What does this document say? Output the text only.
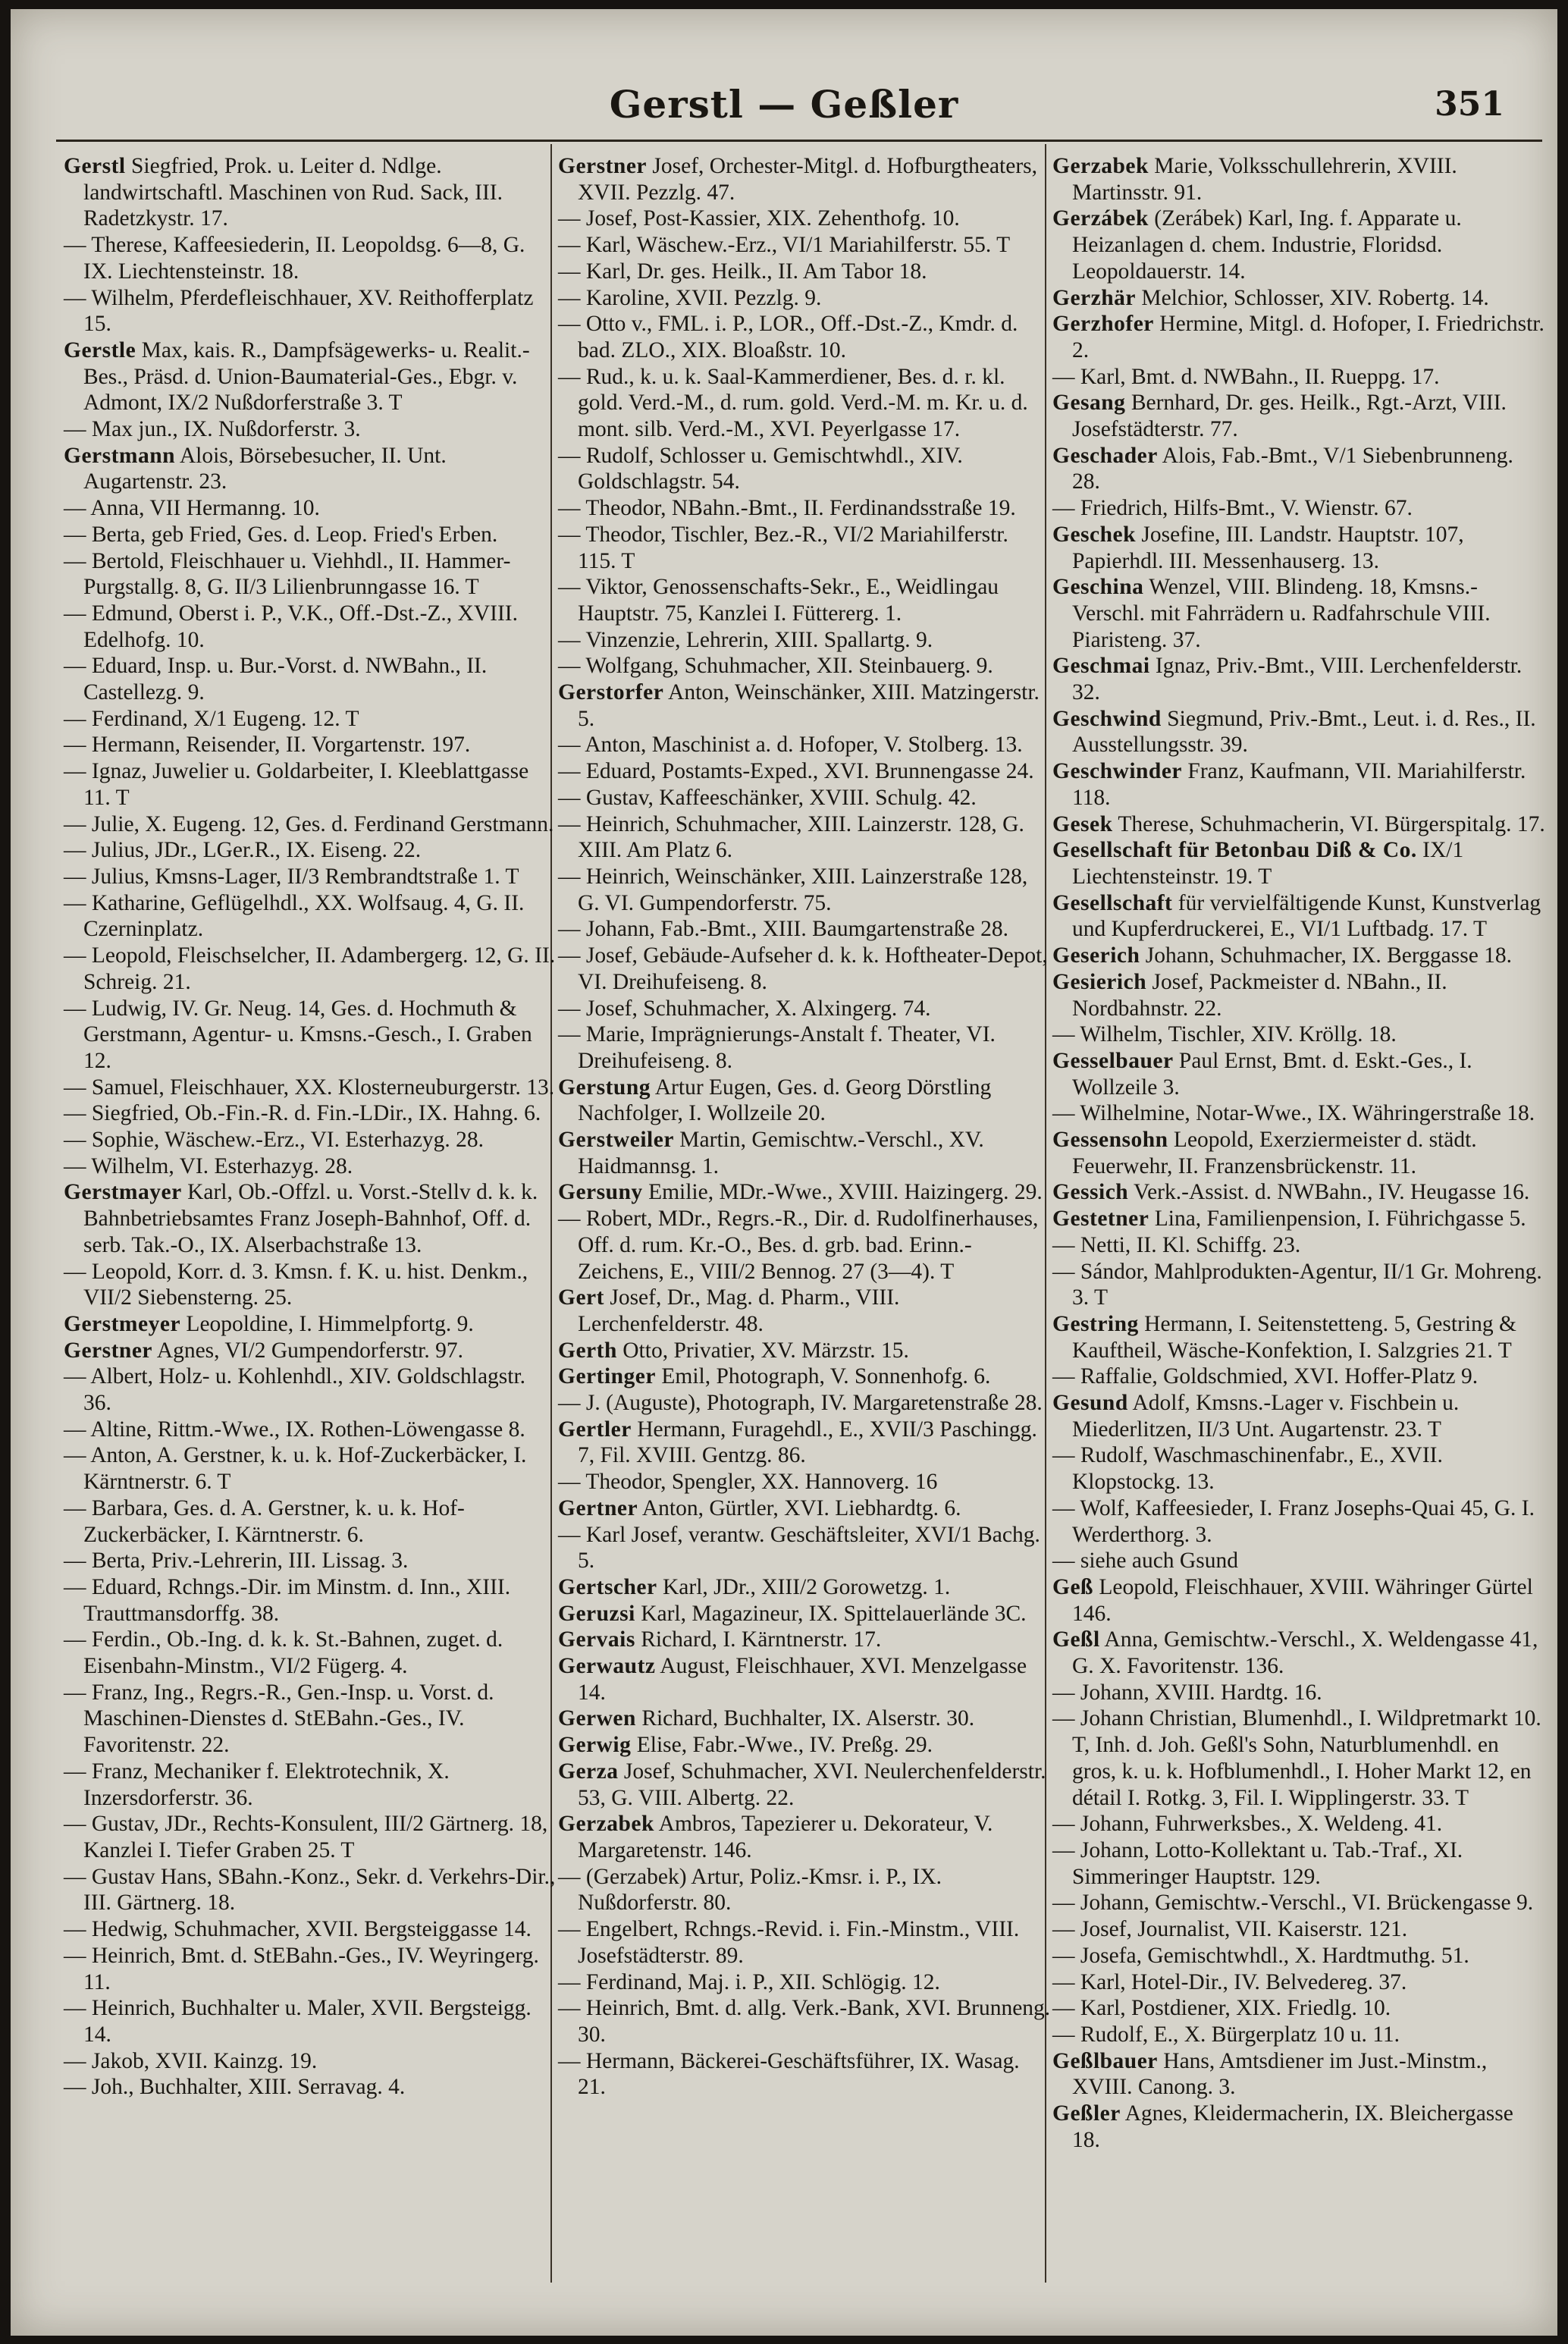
Gerstl — Geßler	351

Gerstl Siegfried, Prok. u. Leiter d. Ndlge. landwirtschaftl. Maschinen von Rud. Sack, III. Radetzkystr. 17.

— Therese, Kaffeesiederin, II. Leopoldsg. 6—8, G. IX. Liechtensteinstr. 18.

— Wilhelm, Pferdefleischhauer, XV. Reithofferplatz 15.

Gerstle Max, kais. R., Dampfsägewerks- u. Realit.-Bes., Präsd. d. Union-Baumaterial-Ges., Ebgr. v. Admont, IX/2 Nußdorferstraße 3. T

— Max jun., IX. Nußdorferstr. 3.

Gerstmann Alois, Börsebesucher, II. Unt. Augartenstr. 23.

— Anna, VII Hermanng. 10.

— Berta, geb Fried, Ges. d. Leop. Fried's Erben.

— Bertold, Fleischhauer u. Viehhdl., II. Hammer-Purgstallg. 8, G. II/3 Lilienbrunngasse 16. T

— Edmund, Oberst i. P., V.K., Off.-Dst.-Z., XVIII. Edelhofg. 10.

— Eduard, Insp. u. Bur.-Vorst. d. NWBahn., II. Castellezg. 9.

— Ferdinand, X/1 Eugeng. 12. T

— Hermann, Reisender, II. Vorgartenstr. 197.

— Ignaz, Juwelier u. Goldarbeiter, I. Kleeblattgasse 11. T

— Julie, X. Eugeng. 12, Ges. d. Ferdinand Gerstmann.

— Julius, JDr., LGer.R., IX. Eiseng. 22.

— Julius, Kmsns-Lager, II/3 Rembrandtstraße 1. T

— Katharine, Geflügelhdl., XX. Wolfsaug. 4, G. II. Czerninplatz.

— Leopold, Fleischselcher, II. Adambergerg. 12, G. II. Schreig. 21.

— Ludwig, IV. Gr. Neug. 14, Ges. d. Hochmuth & Gerstmann, Agentur- u. Kmsns.-Gesch., I. Graben 12.

— Samuel, Fleischhauer, XX. Klosterneuburgerstr. 13.

— Siegfried, Ob.-Fin.-R. d. Fin.-LDir., IX. Hahng. 6.

— Sophie, Wäschew.-Erz., VI. Esterhazyg. 28.

— Wilhelm, VI. Esterhazyg. 28.

Gerstmayer Karl, Ob.-Offzl. u. Vorst.-Stellv d. k. k. Bahnbetriebsamtes Franz Joseph-Bahnhof, Off. d. serb. Tak.-O., IX. Alserbachstraße 13.

— Leopold, Korr. d. 3. Kmsn. f. K. u. hist. Denkm., VII/2 Siebensterng. 25.

Gerstmeyer Leopoldine, I. Himmelpfortg. 9.

Gerstner Agnes, VI/2 Gumpendorferstr. 97.

— Albert, Holz- u. Kohlenhdl., XIV. Goldschlagstr. 36.

— Altine, Rittm.-Wwe., IX. Rothen-Löwengasse 8.

— Anton, A. Gerstner, k. u. k. Hof-Zuckerbäcker, I. Kärntnerstr. 6. T

— Barbara, Ges. d. A. Gerstner, k. u. k. Hof-Zuckerbäcker, I. Kärntnerstr. 6.

— Berta, Priv.-Lehrerin, III. Lissag. 3.

— Eduard, Rchngs.-Dir. im Minstm. d. Inn., XIII. Trauttmansdorffg. 38.

— Ferdin., Ob.-Ing. d. k. k. St.-Bahnen, zuget. d. Eisenbahn-Minstm., VI/2 Fügerg. 4.

— Franz, Ing., Regrs.-R., Gen.-Insp. u. Vorst. d. Maschinen-Dienstes d. StEBahn.-Ges., IV. Favoritenstr. 22.

— Franz, Mechaniker f. Elektrotechnik, X. Inzersdorferstr. 36.

— Gustav, JDr., Rechts-Konsulent, III/2 Gärtnerg. 18, Kanzlei I. Tiefer Graben 25. T

— Gustav Hans, SBahn.-Konz., Sekr. d. Verkehrs-Dir., III. Gärtnerg. 18.

— Hedwig, Schuhmacher, XVII. Bergsteiggasse 14.

— Heinrich, Bmt. d. StEBahn.-Ges., IV. Weyringerg. 11.

— Heinrich, Buchhalter u. Maler, XVII. Bergsteigg. 14.

— Jakob, XVII. Kainzg. 19.

— Joh., Buchhalter, XIII. Serravag. 4.

Gerstner Josef, Orchester-Mitgl. d. Hofburgtheaters, XVII. Pezzlg. 47.

— Josef, Post-Kassier, XIX. Zehenthofg. 10.

— Karl, Wäschew.-Erz., VI/1 Mariahilferstr. 55. T

— Karl, Dr. ges. Heilk., II. Am Tabor 18.

— Karoline, XVII. Pezzlg. 9.

— Otto v., FML. i. P., LOR., Off.-Dst.-Z., Kmdr. d. bad. ZLO., XIX. Bloaßstr. 10.

— Rud., k. u. k. Saal-Kammerdiener, Bes. d. r. kl. gold. Verd.-M., d. rum. gold. Verd.-M. m. Kr. u. d. mont. silb. Verd.-M., XVI. Peyerlgasse 17.

— Rudolf, Schlosser u. Gemischtwhdl., XIV. Goldschlagstr. 54.

— Theodor, NBahn.-Bmt., II. Ferdinandsstraße 19.

— Theodor, Tischler, Bez.-R., VI/2 Mariahilferstr. 115. T

— Viktor, Genossenschafts-Sekr., E., Weidlingau Hauptstr. 75, Kanzlei I. Füttererg. 1.

— Vinzenzie, Lehrerin, XIII. Spallartg. 9.

— Wolfgang, Schuhmacher, XII. Steinbauerg. 9.

Gerstorfer Anton, Weinschänker, XIII. Matzingerstr. 5.

— Anton, Maschinist a. d. Hofoper, V. Stolberg. 13.

— Eduard, Postamts-Exped., XVI. Brunnengasse 24.

— Gustav, Kaffeeschänker, XVIII. Schulg. 42.

— Heinrich, Schuhmacher, XIII. Lainzerstr. 128, G. XIII. Am Platz 6.

— Heinrich, Weinschänker, XIII. Lainzerstraße 128, G. VI. Gumpendorferstr. 75.

— Johann, Fab.-Bmt., XIII. Baumgartenstraße 28.

— Josef, Gebäude-Aufseher d. k. k. Hoftheater-Depot, VI. Dreihufeiseng. 8.

— Josef, Schuhmacher, X. Alxingerg. 74.

— Marie, Imprägnierungs-Anstalt f. Theater, VI. Dreihufeiseng. 8.

Gerstung Artur Eugen, Ges. d. Georg Dörstling Nachfolger, I. Wollzeile 20.

Gerstweiler Martin, Gemischtw.-Verschl., XV. Haidmannsg. 1.

Gersuny Emilie, MDr.-Wwe., XVIII. Haizingerg. 29.

— Robert, MDr., Regrs.-R., Dir. d. Rudolfinerhauses, Off. d. rum. Kr.-O., Bes. d. grb. bad. Erinn.-Zeichens, E., VIII/2 Bennog. 27 (3—4). T

Gert Josef, Dr., Mag. d. Pharm., VIII. Lerchenfelderstr. 48.

Gerth Otto, Privatier, XV. Märzstr. 15.

Gertinger Emil, Photograph, V. Sonnenhofg. 6.

— J. (Auguste), Photograph, IV. Margaretenstraße 28.

Gertler Hermann, Furagehdl., E., XVII/3 Paschingg. 7, Fil. XVIII. Gentzg. 86.

— Theodor, Spengler, XX. Hannoverg. 16

Gertner Anton, Gürtler, XVI. Liebhardtg. 6.

— Karl Josef, verantw. Geschäftsleiter, XVI/1 Bachg. 5.

Gertscher Karl, JDr., XIII/2 Gorowetzg. 1.

Geruzsi Karl, Magazineur, IX. Spittelauerlände 3C.

Gervais Richard, I. Kärntnerstr. 17.

Gerwautz August, Fleischhauer, XVI. Menzelgasse 14.

Gerwen Richard, Buchhalter, IX. Alserstr. 30.

Gerwig Elise, Fabr.-Wwe., IV. Preßg. 29.

Gerza Josef, Schuhmacher, XVI. Neulerchenfelderstr. 53, G. VIII. Albertg. 22.

Gerzabek Ambros, Tapezierer u. Dekorateur, V. Margaretenstr. 146.

— (Gerzabek) Artur, Poliz.-Kmsr. i. P., IX. Nußdorferstr. 80.

— Engelbert, Rchngs.-Revid. i. Fin.-Minstm., VIII. Josefstädterstr. 89.

— Ferdinand, Maj. i. P., XII. Schlögig. 12.

— Heinrich, Bmt. d. allg. Verk.-Bank, XVI. Brunneng. 30.

— Hermann, Bäckerei-Geschäftsführer, IX. Wasag. 21.

Gerzabek Marie, Volksschullehrerin, XVIII. Martinsstr. 91.

Gerzábek (Zerábek) Karl, Ing. f. Apparate u. Heizanlagen d. chem. Industrie, Floridsd. Leopoldauerstr. 14.

Gerzhär Melchior, Schlosser, XIV. Robertg. 14.

Gerzhofer Hermine, Mitgl. d. Hofoper, I. Friedrichstr. 2.

— Karl, Bmt. d. NWBahn., II. Rueppg. 17.

Gesang Bernhard, Dr. ges. Heilk., Rgt.-Arzt, VIII. Josefstädterstr. 77.

Geschader Alois, Fab.-Bmt., V/1 Siebenbrunneng. 28.

— Friedrich, Hilfs-Bmt., V. Wienstr. 67.

Geschek Josefine, III. Landstr. Hauptstr. 107, Papierhdl. III. Messenhauserg. 13.

Geschina Wenzel, VIII. Blindeng. 18, Kmsns.-Verschl. mit Fahrrädern u. Radfahrschule VIII. Piaristeng. 37.

Geschmai Ignaz, Priv.-Bmt., VIII. Lerchenfelderstr. 32.

Geschwind Siegmund, Priv.-Bmt., Leut. i. d. Res., II. Ausstellungsstr. 39.

Geschwinder Franz, Kaufmann, VII. Mariahilferstr. 118.

Gesek Therese, Schuhmacherin, VI. Bürgerspitalg. 17.

Gesellschaft für Betonbau Diß & Co. IX/1 Liechtensteinstr. 19. T

Gesellschaft für vervielfältigende Kunst, Kunstverlag und Kupferdruckerei, E., VI/1 Luftbadg. 17. T

Geserich Johann, Schuhmacher, IX. Berggasse 18.

Gesierich Josef, Packmeister d. NBahn., II. Nordbahnstr. 22.

— Wilhelm, Tischler, XIV. Kröllg. 18.

Gesselbauer Paul Ernst, Bmt. d. Eskt.-Ges., I. Wollzeile 3.

— Wilhelmine, Notar-Wwe., IX. Währingerstraße 18.

Gessensohn Leopold, Exerziermeister d. städt. Feuerwehr, II. Franzensbrückenstr. 11.

Gessich Verk.-Assist. d. NWBahn., IV. Heugasse 16.

Gestetner Lina, Familienpension, I. Führichgasse 5.

— Netti, II. Kl. Schiffg. 23.

— Sándor, Mahlprodukten-Agentur, II/1 Gr. Mohreng. 3. T

Gestring Hermann, I. Seitenstetteng. 5, Gestring & Kauftheil, Wäsche-Konfektion, I. Salzgries 21. T

— Raffalie, Goldschmied, XVI. Hoffer-Platz 9.

Gesund Adolf, Kmsns.-Lager v. Fischbein u. Miederlitzen, II/3 Unt. Augartenstr. 23. T

— Rudolf, Waschmaschinenfabr., E., XVII. Klopstockg. 13.

— Wolf, Kaffeesieder, I. Franz Josephs-Quai 45, G. I. Werderthorg. 3.

— siehe auch Gsund

Geß Leopold, Fleischhauer, XVIII. Währinger Gürtel 146.

Geßl Anna, Gemischtw.-Verschl., X. Weldengasse 41, G. X. Favoritenstr. 136.

— Johann, XVIII. Hardtg. 16.

— Johann Christian, Blumenhdl., I. Wildpretmarkt 10. T, Inh. d. Joh. Geßl's Sohn, Naturblumenhdl. en gros, k. u. k. Hofblumenhdl., I. Hoher Markt 12, en détail I. Rotkg. 3, Fil. I. Wipplingerstr. 33. T

— Johann, Fuhrwerksbes., X. Weldeng. 41.

— Johann, Lotto-Kollektant u. Tab.-Traf., XI. Simmeringer Hauptstr. 129.

— Johann, Gemischtw.-Verschl., VI. Brückengasse 9.

— Josef, Journalist, VII. Kaiserstr. 121.

— Josefa, Gemischtwhdl., X. Hardtmuthg. 51.

— Karl, Hotel-Dir., IV. Belvedereg. 37.

— Karl, Postdiener, XIX. Friedlg. 10.

— Rudolf, E., X. Bürgerplatz 10 u. 11.

Geßlbauer Hans, Amtsdiener im Just.-Minstm., XVIII. Canong. 3.

Geßler Agnes, Kleidermacherin, IX. Bleichergasse 18.
